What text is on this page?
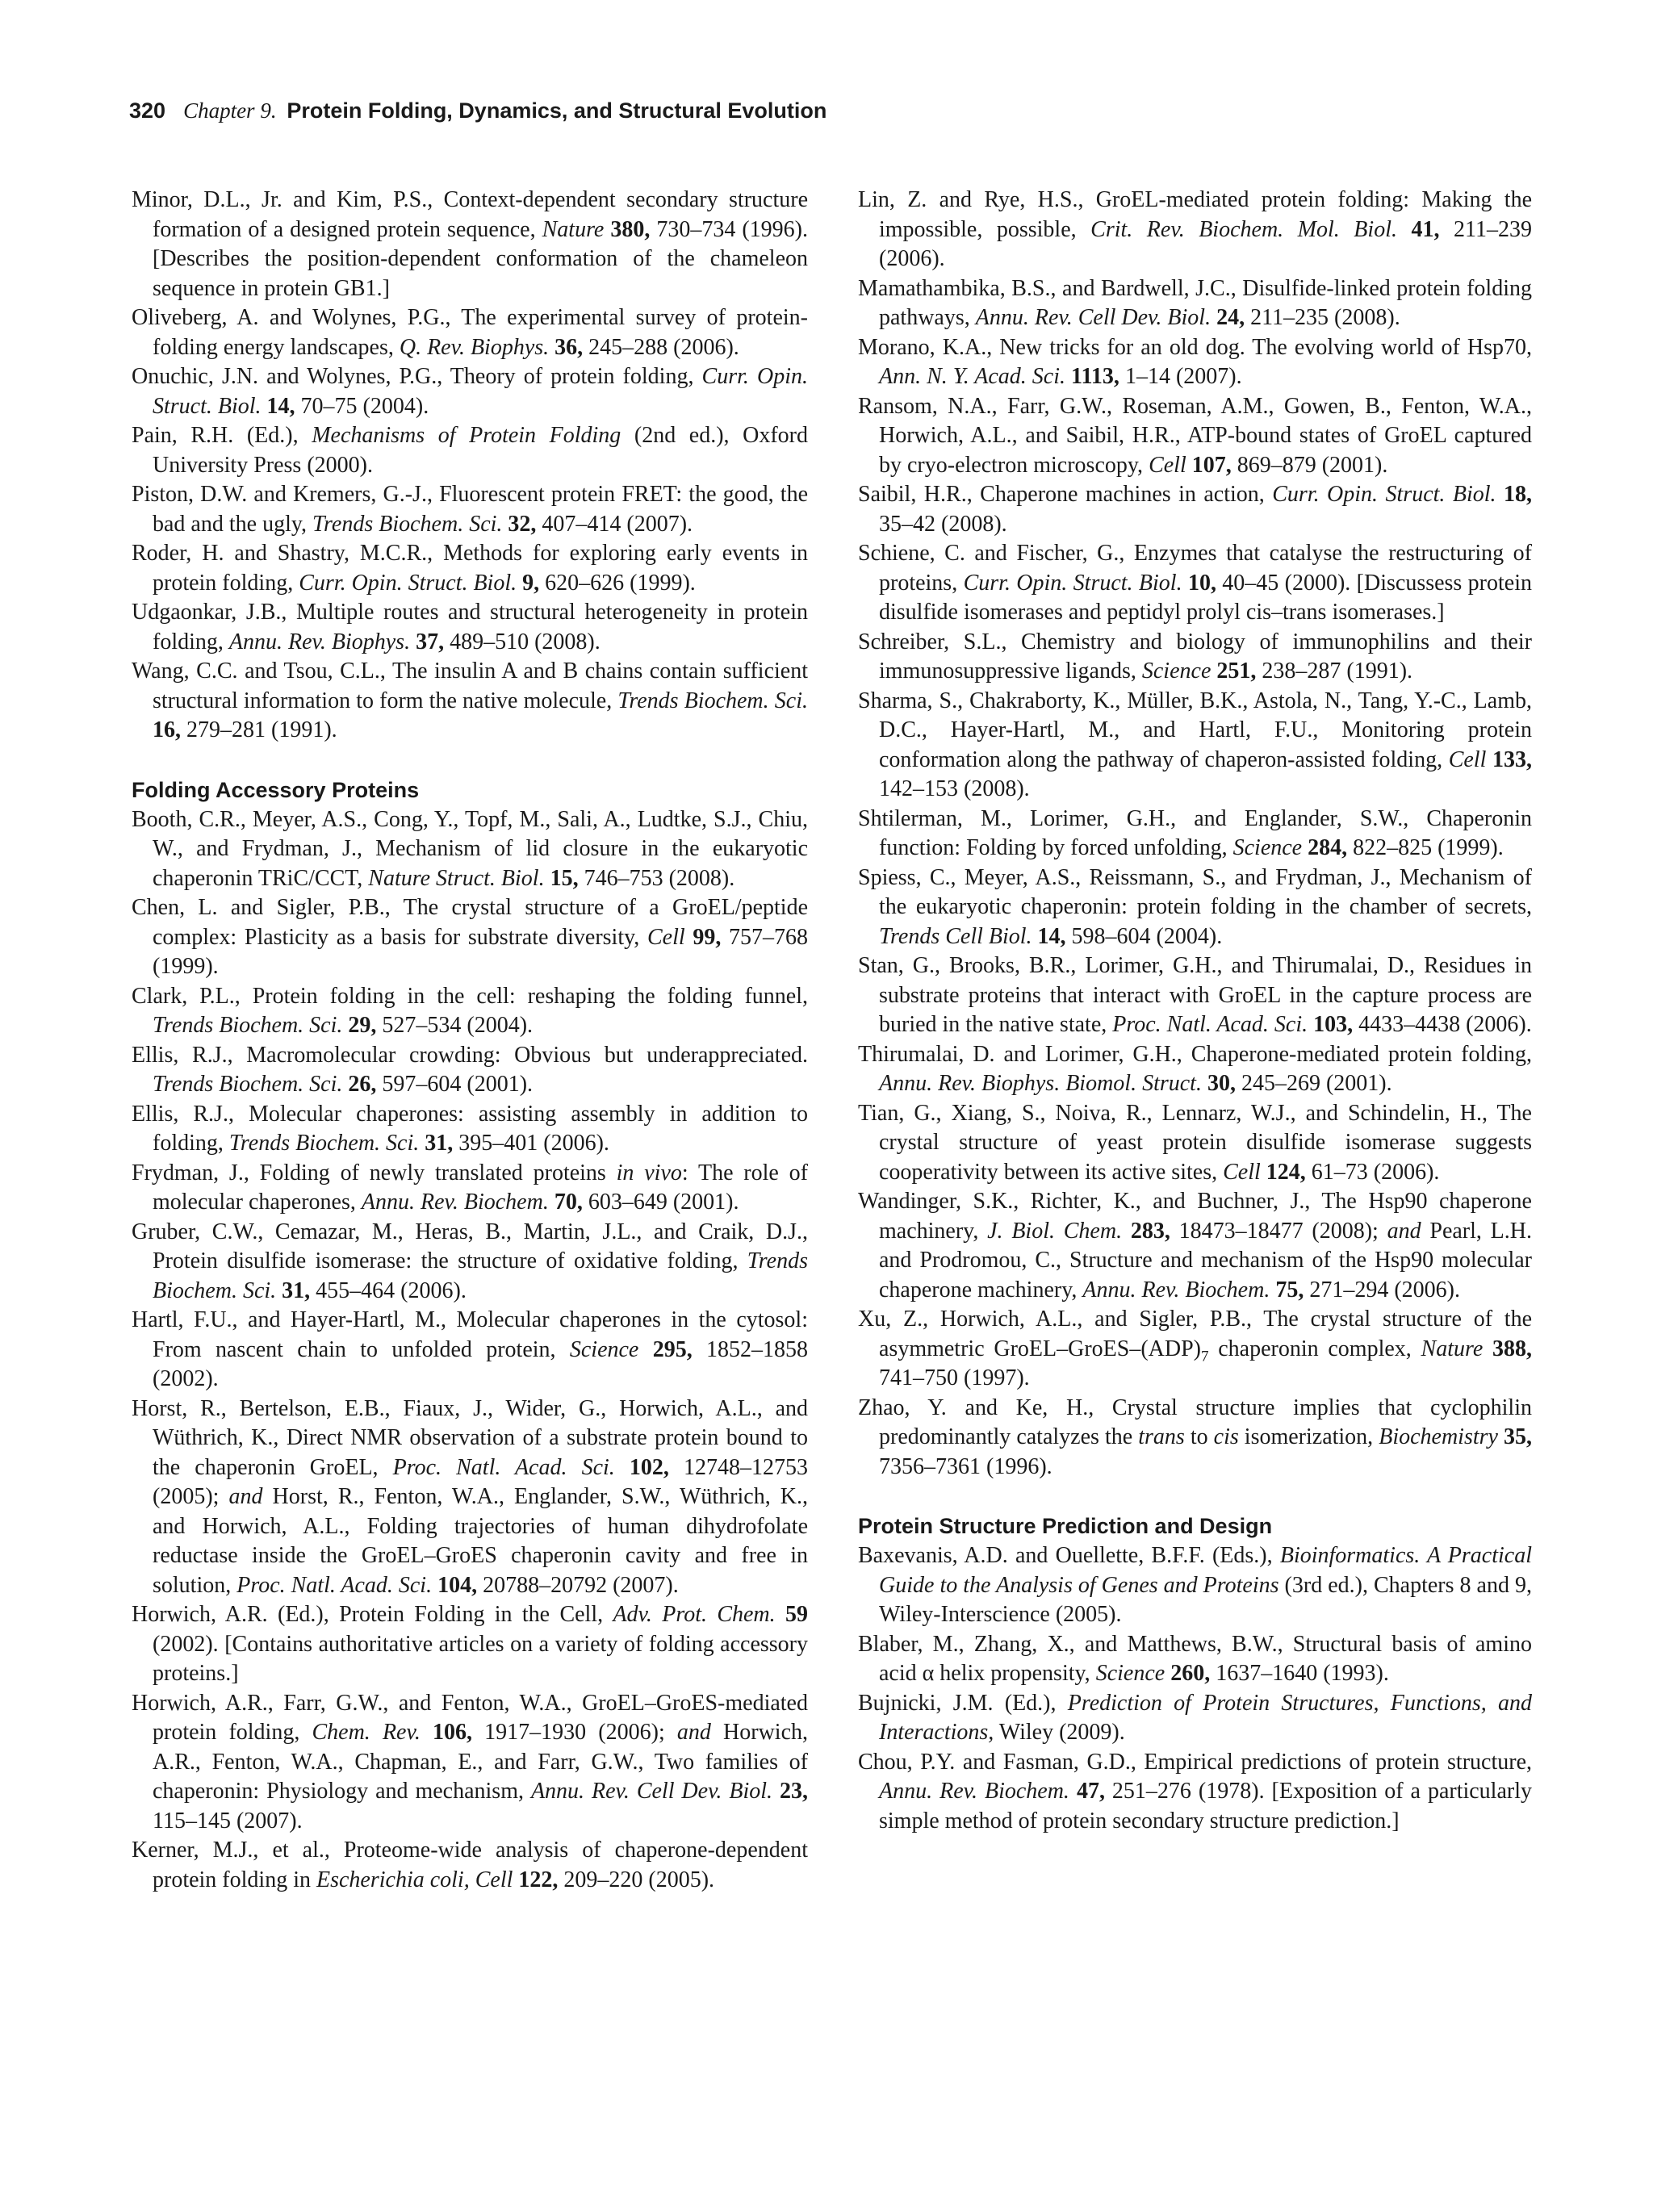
320 Chapter 9. Protein Folding, Dynamics, and Structural Evolution

Minor, D.L., Jr. and Kim, P.S., Context-dependent secondary structure formation of a designed protein sequence, Nature 380, 730–734 (1996). [Describes the position-dependent conformation of the chameleon sequence in protein GB1.]

Oliveberg, A. and Wolynes, P.G., The experimental survey of protein-folding energy landscapes, Q. Rev. Biophys. 36, 245–288 (2006).

Onuchic, J.N. and Wolynes, P.G., Theory of protein folding, Curr. Opin. Struct. Biol. 14, 70–75 (2004).

Pain, R.H. (Ed.), Mechanisms of Protein Folding (2nd ed.), Oxford University Press (2000).

Piston, D.W. and Kremers, G.-J., Fluorescent protein FRET: the good, the bad and the ugly, Trends Biochem. Sci. 32, 407–414 (2007).

Roder, H. and Shastry, M.C.R., Methods for exploring early events in protein folding, Curr. Opin. Struct. Biol. 9, 620–626 (1999).

Udgaonkar, J.B., Multiple routes and structural heterogeneity in protein folding, Annu. Rev. Biophys. 37, 489–510 (2008).

Wang, C.C. and Tsou, C.L., The insulin A and B chains contain sufficient structural information to form the native molecule, Trends Biochem. Sci. 16, 279–281 (1991).

Folding Accessory Proteins

Booth, C.R., Meyer, A.S., Cong, Y., Topf, M., Sali, A., Ludtke, S.J., Chiu, W., and Frydman, J., Mechanism of lid closure in the eukaryotic chaperonin TRiC/CCT, Nature Struct. Biol. 15, 746–753 (2008).

Chen, L. and Sigler, P.B., The crystal structure of a GroEL/peptide complex: Plasticity as a basis for substrate diversity, Cell 99, 757–768 (1999).

Clark, P.L., Protein folding in the cell: reshaping the folding funnel, Trends Biochem. Sci. 29, 527–534 (2004).

Ellis, R.J., Macromolecular crowding: Obvious but underappreciated. Trends Biochem. Sci. 26, 597–604 (2001).

Ellis, R.J., Molecular chaperones: assisting assembly in addition to folding, Trends Biochem. Sci. 31, 395–401 (2006).

Frydman, J., Folding of newly translated proteins in vivo: The role of molecular chaperones, Annu. Rev. Biochem. 70, 603–649 (2001).

Gruber, C.W., Cemazar, M., Heras, B., Martin, J.L., and Craik, D.J., Protein disulfide isomerase: the structure of oxidative folding, Trends Biochem. Sci. 31, 455–464 (2006).

Hartl, F.U., and Hayer-Hartl, M., Molecular chaperones in the cytosol: From nascent chain to unfolded protein, Science 295, 1852–1858 (2002).

Horst, R., Bertelson, E.B., Fiaux, J., Wider, G., Horwich, A.L., and Wüthrich, K., Direct NMR observation of a substrate protein bound to the chaperonin GroEL, Proc. Natl. Acad. Sci. 102, 12748–12753 (2005); and Horst, R., Fenton, W.A., Englander, S.W., Wüthrich, K., and Horwich, A.L., Folding trajectories of human dihydrofolate reductase inside the GroEL–GroES chaperonin cavity and free in solution, Proc. Natl. Acad. Sci. 104, 20788–20792 (2007).

Horwich, A.R. (Ed.), Protein Folding in the Cell, Adv. Prot. Chem. 59 (2002). [Contains authoritative articles on a variety of folding accessory proteins.]

Horwich, A.R., Farr, G.W., and Fenton, W.A., GroEL–GroES-mediated protein folding, Chem. Rev. 106, 1917–1930 (2006); and Horwich, A.R., Fenton, W.A., Chapman, E., and Farr, G.W., Two families of chaperonin: Physiology and mechanism, Annu. Rev. Cell Dev. Biol. 23, 115–145 (2007).

Kerner, M.J., et al., Proteome-wide analysis of chaperone-dependent protein folding in Escherichia coli, Cell 122, 209–220 (2005).

Lin, Z. and Rye, H.S., GroEL-mediated protein folding: Making the impossible, possible, Crit. Rev. Biochem. Mol. Biol. 41, 211–239 (2006).

Mamathambika, B.S., and Bardwell, J.C., Disulfide-linked protein folding pathways, Annu. Rev. Cell Dev. Biol. 24, 211–235 (2008).

Morano, K.A., New tricks for an old dog. The evolving world of Hsp70, Ann. N. Y. Acad. Sci. 1113, 1–14 (2007).

Ransom, N.A., Farr, G.W., Roseman, A.M., Gowen, B., Fenton, W.A., Horwich, A.L., and Saibil, H.R., ATP-bound states of GroEL captured by cryo-electron microscopy, Cell 107, 869–879 (2001).

Saibil, H.R., Chaperone machines in action, Curr. Opin. Struct. Biol. 18, 35–42 (2008).

Schiene, C. and Fischer, G., Enzymes that catalyse the restructuring of proteins, Curr. Opin. Struct. Biol. 10, 40–45 (2000). [Discussess protein disulfide isomerases and peptidyl prolyl cis–trans isomerases.]

Schreiber, S.L., Chemistry and biology of immunophilins and their immunosuppressive ligands, Science 251, 238–287 (1991).

Sharma, S., Chakraborty, K., Müller, B.K., Astola, N., Tang, Y.-C., Lamb, D.C., Hayer-Hartl, M., and Hartl, F.U., Monitoring protein conformation along the pathway of chaperon-assisted folding, Cell 133, 142–153 (2008).

Shtilerman, M., Lorimer, G.H., and Englander, S.W., Chaperonin function: Folding by forced unfolding, Science 284, 822–825 (1999).

Spiess, C., Meyer, A.S., Reissmann, S., and Frydman, J., Mechanism of the eukaryotic chaperonin: protein folding in the chamber of secrets, Trends Cell Biol. 14, 598–604 (2004).

Stan, G., Brooks, B.R., Lorimer, G.H., and Thirumalai, D., Residues in substrate proteins that interact with GroEL in the capture process are buried in the native state, Proc. Natl. Acad. Sci. 103, 4433–4438 (2006).

Thirumalai, D. and Lorimer, G.H., Chaperone-mediated protein folding, Annu. Rev. Biophys. Biomol. Struct. 30, 245–269 (2001).

Tian, G., Xiang, S., Noiva, R., Lennarz, W.J., and Schindelin, H., The crystal structure of yeast protein disulfide isomerase suggests cooperativity between its active sites, Cell 124, 61–73 (2006).

Wandinger, S.K., Richter, K., and Buchner, J., The Hsp90 chaperone machinery, J. Biol. Chem. 283, 18473–18477 (2008); and Pearl, L.H. and Prodromou, C., Structure and mechanism of the Hsp90 molecular chaperone machinery, Annu. Rev. Biochem. 75, 271–294 (2006).

Xu, Z., Horwich, A.L., and Sigler, P.B., The crystal structure of the asymmetric GroEL–$GroES-(ADP)_7$ chaperonin complex, Nature 388, 741–750 (1997).

Zhao, Y. and Ke, H., Crystal structure implies that cyclophilin predominantly catalyzes the trans to cis isomerization, Biochemistry 35, 7356–7361 (1996).

Protein Structure Prediction and Design

Baxevanis, A.D. and Ouellette, B.F.F. (Eds.), Bioinformatics. A Practical Guide to the Analysis of Genes and Proteins (3rd ed.), Chapters 8 and 9, Wiley-Interscience (2005).

Blaber, M., Zhang, X., and Matthews, B.W., Structural basis of amino acid α helix propensity, Science 260, 1637–1640 (1993).

Bujnicki, J.M. (Ed.), Prediction of Protein Structures, Functions, and Interactions, Wiley (2009).

Chou, P.Y. and Fasman, G.D., Empirical predictions of protein structure, Annu. Rev. Biochem. 47, 251–276 (1978). [Exposition of a particularly simple method of protein secondary structure prediction.]
